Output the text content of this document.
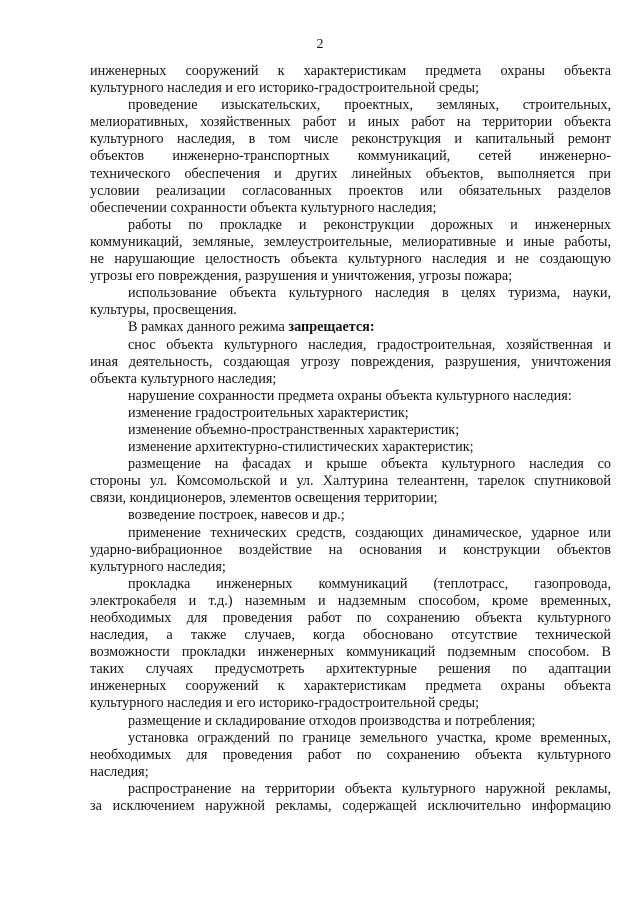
2
инженерных сооружений к характеристикам предмета охраны объекта
культурного наследия и его историко-градостроительной среды;
проведение изыскательских, проектных, земляных, строительных,
мелиоративных, хозяйственных работ и иных работ на территории объекта
культурного наследия, в том числе реконструкция и капитальный ремонт
объектов инженерно-транспортных коммуникаций, сетей инженерно-
технического обеспечения и других линейных объектов, выполняется при
условии реализации согласованных проектов или обязательных разделов
обеспечении сохранности объекта культурного наследия;
работы по прокладке и реконструкции дорожных и инженерных
коммуникаций, земляные, землеустроительные, мелиоративные и иные работы,
не нарушающие целостность объекта культурного наследия и не создающую
угрозы его повреждения, разрушения и уничтожения, угрозы пожара;
использование объекта культурного наследия в целях туризма, науки,
культуры, просвещения.
В рамках данного режима запрещается:
снос объекта культурного наследия, градостроительная, хозяйственная и
иная деятельность, создающая угрозу повреждения, разрушения, уничтожения
объекта культурного наследия;
нарушение сохранности предмета охраны объекта культурного наследия:
изменение градостроительных характеристик;
изменение объемно-пространственных характеристик;
изменение архитектурно-стилистических характеристик;
размещение на фасадах и крыше объекта культурного наследия со
стороны ул. Комсомольской и ул. Халтурина телеантенн, тарелок спутниковой
связи, кондиционеров, элементов освещения территории;
возведение построек, навесов и др.;
применение технических средств, создающих динамическое, ударное или
ударно-вибрационное воздействие на основания и конструкции объектов
культурного наследия;
прокладка инженерных коммуникаций (теплотрасс, газопровода,
электрокабеля и т.д.) наземным и надземным способом, кроме временных,
необходимых для проведения работ по сохранению объекта культурного
наследия, а также случаев, когда обосновано отсутствие технической
возможности прокладки инженерных коммуникаций подземным способом. В
таких случаях предусмотреть архитектурные решения по адаптации
инженерных сооружений к характеристикам предмета охраны объекта
культурного наследия и его историко-градостроительной среды;
размещение и складирование отходов производства и потребления;
установка ограждений по границе земельного участка, кроме временных,
необходимых для проведения работ по сохранению объекта культурного
наследия;
распространение на территории объекта культурного наружной рекламы,
за исключением наружной рекламы, содержащей исключительно информацию
